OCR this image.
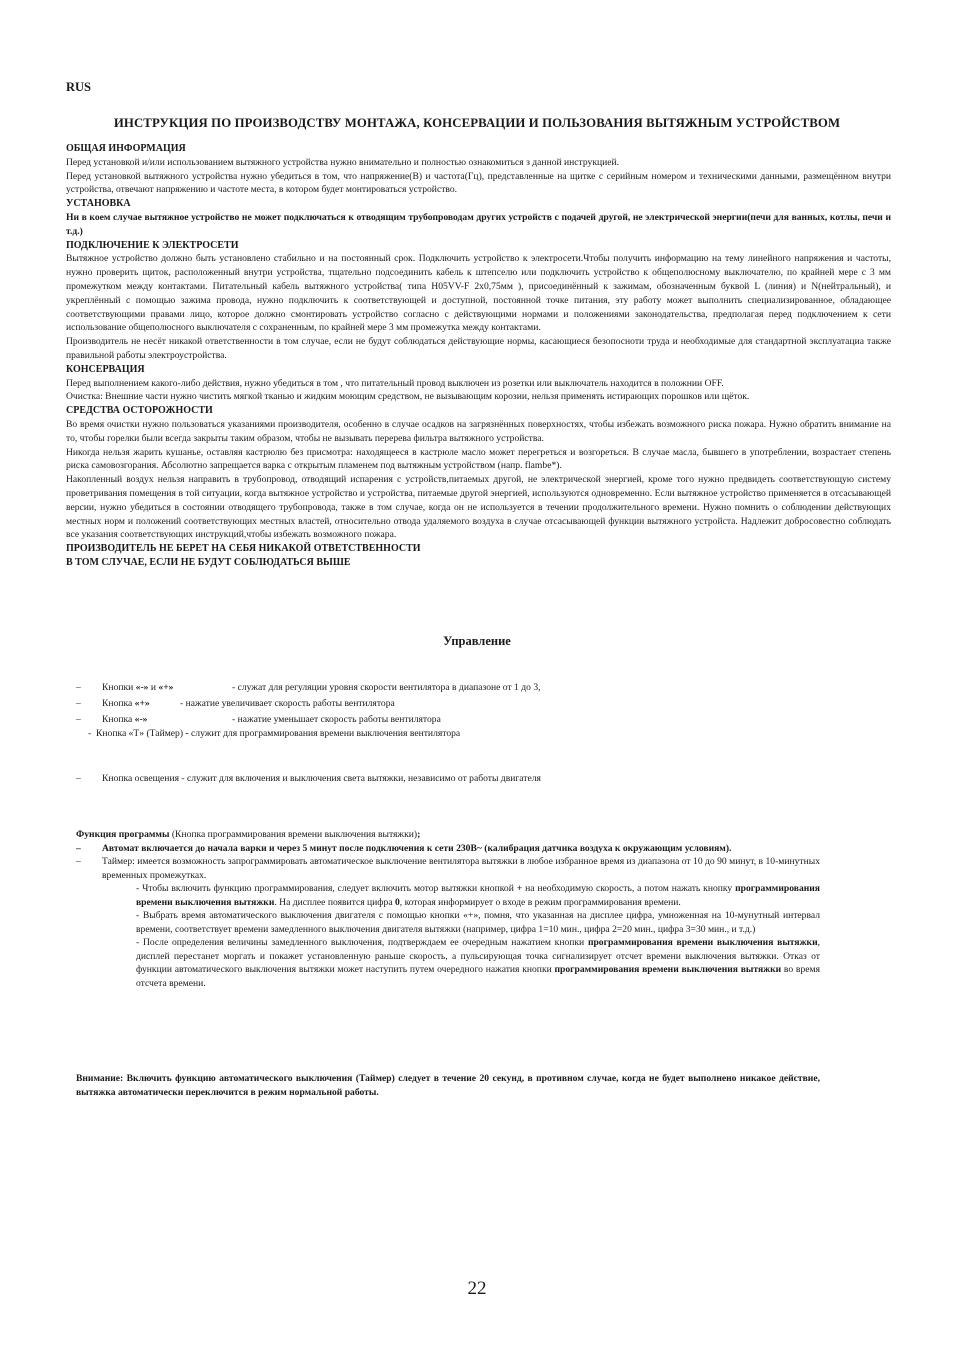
RUS
ИНСТРУКЦИЯ ПО ПРОИЗВОДСТВУ МОНТАЖА, КОНСЕРВАЦИИ И ПОЛЬЗОВАНИЯ ВЫТЯЖНЫМ УСТРОЙСТВОМ
ОБЩАЯ ИНФОРМАЦИЯ

Перед установкой и/или использованием вытяжного устройства нужно внимательно и полностью ознакомиться з данной инструкцией.

Перед установкой вытяжного устройства нужно убедиться в том, что напряжение(В) и частота(Гц), представленные на щитке с серийным номером и техническими данными, размещённом внутри устройства, отвечают напряжению и частоте места, в котором будет монтироваться устройство.

УСТАНОВКА

Ни в коем случае вытяжное устройство не может подключаться к отводящим трубопроводам других устройств с подачей другой, не электрической энергии(печи для ванных, котлы, печи и т.д.)

ПОДКЛЮЧЕНИЕ К ЭЛЕКТРОСЕТИ

Вытяжное устройство должно быть установлено стабильно и на постоянный срок. Подключить устройство к электросети.Чтобы получить информацию на тему линейного напряжения и частоты, нужно проверить щиток, расположенный внутри устройства, тщательно подсоединить кабель к штепселю или подключить устройство к общеполюсному выключателю, по крайней мере с 3 мм промежутком между контактами. Питательный кабель вытяжного устройства( типа H05VV-F 2x0,75мм ), присоединённый к зажимам, обозначенным буквой L (линия) и N(нейтральный), и укреплённый с помощью зажима провода, нужно подключить к соответствующей и доступной, постоянной точке питания, эту работу может выполнить специализированное, обладающее соответствующими правами лицо, которое должно смонтировать устройство согласно с действующими нормами и положениями законодательства, предполагая перед подключением к сети использование общеполюсного выключателя с сохраненным, по крайней мере 3 мм промежутка между контактами.

Производитель не несёт никакой ответственности в том случае, если не будут соблюдаться действующие нормы, касающиеся безопосноти труда и необходимые для стандартной эксплуатациа также правильной работы электроустройства.

КОНСЕРВАЦИЯ

Перед выполнением какого-либо действия, нужно убедиться в том , что питательный провод выключен из розетки или выключатель находится в положнии OFF.

Очистка: Внешние части нужно чистить мягкой тканью и жидким моющим средством, не вызывающим корозии, нельзя применять истирающих порошков или щёток.

СРЕДСТВА ОСТОРОЖНОСТИ

Во время очистки нужно пользоваться указаниями производителя, особенно в случае осадков на загрязнённых поверхностях, чтобы избежать возможного риска пожара. Нужно обратить внимание на то, чтобы горелки были всегда закрыты таким образом, чтобы не вызывать перерева фильтра вытяжного устройства.

Никогда нельзя жарить кушанье, оставляя кастрюлю без присмотра: находящееся в кастрюле масло может перегреться и возгореться. В случае масла, бывшего в употреблении, возрастает степень риска самовозгорания. Абсолютно запрещается варка с открытым пламенем под вытяжным устройством (напр. flambe*).

Накопленный воздух нельзя направить в трубопровод, отводящий испарения с устройств,питаемых другой, не электрической энергией, кроме того нужно предвидеть соответствующую систему проветривания помещения в той ситуации, когда вытяжное устройство и устройства, питаемые другой энергией, используются одновременно. Если вытяжное устройство применяется в отсасывающей версии, нужно убедиться в состоянии отводящего трубопровода, также в том случае, когда он не используется в течении продолжительного времени. Нужно помнить о соблюдении действующих местных норм и положений соответствующих местных властей, относительно отвода удаляемого воздуха в случае отсасывающей функции вытяжного устройста. Надлежит добросовестно соблюдать все указания соответствующих инструкций,чтобы избежать возможного пожара.

ПРОИЗВОДИТЕЛЬ НЕ БЕРЕТ НА СЕБЯ НИКАКОЙ ОТВЕТСТВЕННОСТИ
В ТОМ СЛУЧАЕ, ЕСЛИ НЕ БУДУТ СОБЛЮДАТЬСЯ ВЫШЕ
Управление
– Кнопки «-» и «+»	- служат для регуляции уровня скорости вентилятора в диапазоне от 1 до 3,
– Кнопка «+»	- нажатие увеличивает скорость работы вентилятора
– Кнопка «-»	- нажатие уменьшает скорость работы вентилятора
- Кнопка «T» (Таймер) - служит для программирования времени выключения вентилятора
– Кнопка освещения - служит для включения и выключения света вытяжки, независимо от работы двигателя
Функция программы (Кнопка программирования времени выключения вытяжки);
– Автомат включается до начала варки и через 5 минут после подключения к сети 230В~ (калибрация датчика воздуха к окружающим условиям).
– Таймер: имеется возможность запрограммировать автоматическое выключение вентилятора вытяжки в любое избранное время из диапазона от 10 до 90 минут, в 10-минутных временных промежутках.
- Чтобы включить функцию программирования, следует включить мотор вытяжки кнопкой + на необходимую скорость, а потом нажать кнопку программирования времени выключения вытяжки. На дисплее появится цифра 0, которая информирует о входе в режим программирования времени.
- Выбрать время автоматического выключения двигателя с помощью кнопки «+», помня, что указанная на дисплее цифра, умноженная на 10-мунутный интервал времени, соответствует времени замедленного выключения двигателя вытяжки (например, цифра 1=10 мин., цифра 2=20 мин., цифра 3=30 мин., и т.д.)
- После определения величины замедленного выключения, подтверждаем ее очередным нажатием кнопки программирования времени выключения вытяжки, дисплей перестанет моргать и покажет установленную раньше скорость, а пульсирующая точка сигнализирует отсчет времени выключения вытяжки. Отказ от функции автоматического выключения вытяжки может наступить путем очередного нажатия кнопки программирования времени выключения вытяжки во время отсчета времени.
Внимание: Включить функцию автоматического выключения (Таймер) следует в течение 20 секунд, в противном случае, когда не будет выполнено никакое действие, вытяжка автоматически переключится в режим нормальной работы.
22
